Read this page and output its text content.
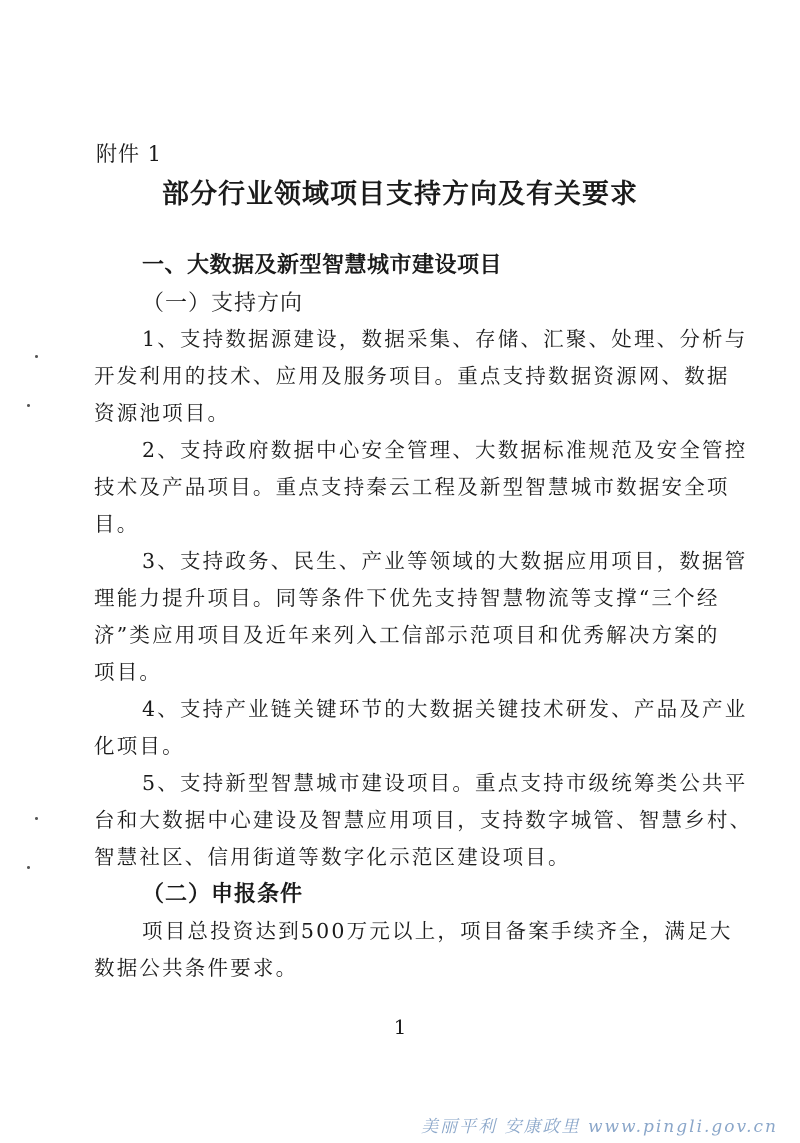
附件 1
部分行业领域项目支持方向及有关要求
一、大数据及新型智慧城市建设项目
（一）支持方向
1、支持数据源建设，数据采集、存储、汇聚、处理、分析与
开发利用的技术、应用及服务项目。重点支持数据资源网、数据
资源池项目。
2、支持政府数据中心安全管理、大数据标准规范及安全管控
技术及产品项目。重点支持秦云工程及新型智慧城市数据安全项
目。
3、支持政务、民生、产业等领域的大数据应用项目，数据管
理能力提升项目。同等条件下优先支持智慧物流等支撑“三个经
济”类应用项目及近年来列入工信部示范项目和优秀解决方案的
项目。
4、支持产业链关键环节的大数据关键技术研发、产品及产业
化项目。
5、支持新型智慧城市建设项目。重点支持市级统筹类公共平
台和大数据中心建设及智慧应用项目，支持数字城管、智慧乡村、
智慧社区、信用街道等数字化示范区建设项目。
（二）申报条件
项目总投资达到500万元以上，项目备案手续齐全，满足大
数据公共条件要求。
1
美丽平利 安康政里 www.pingli.gov.cn
